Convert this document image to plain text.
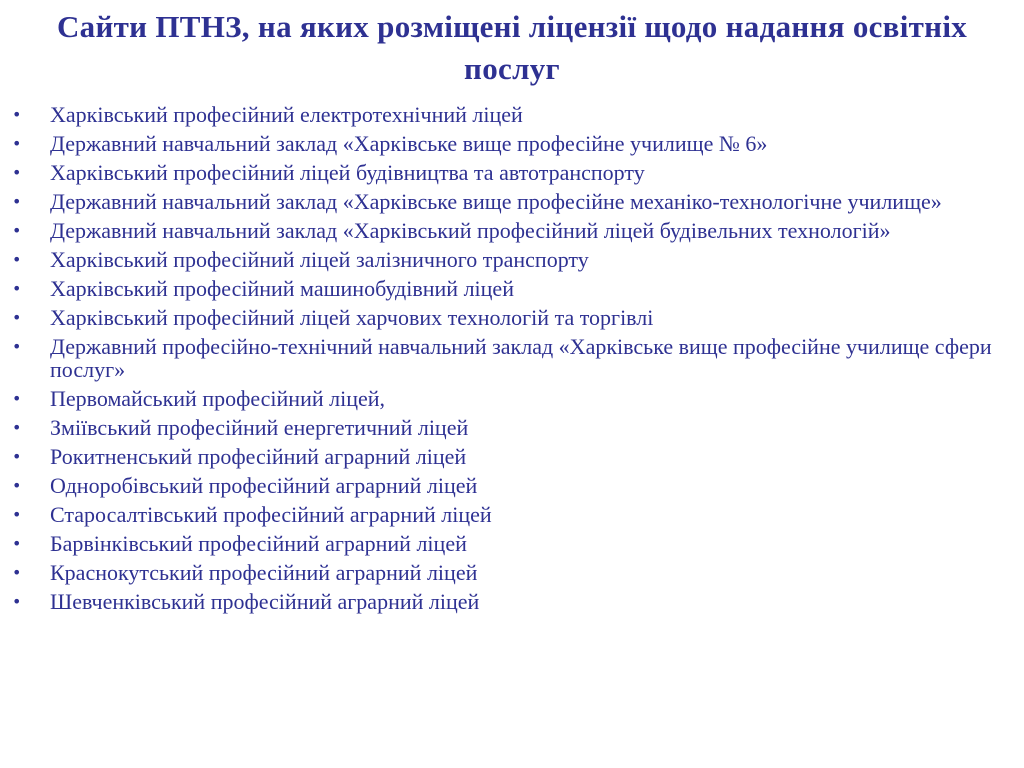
Сайти ПТНЗ, на яких розміщені ліцензії щодо надання освітніх послуг
• Харківський професійний електротехнічний ліцей
• Державний навчальний заклад «Харківське вище професійне училище № 6»
• Харківський професійний ліцей будівництва та автотранспорту
• Державний навчальний заклад «Харківське вище професійне механіко-технологічне училище»
• Державний навчальний заклад «Харківський професійний ліцей будівельних технологій»
• Харківський професійний ліцей залізничного транспорту
• Харківський професійний машинобудівний ліцей
• Харківський професійний ліцей харчових технологій та торгівлі
• Державний професійно-технічний навчальний заклад «Харківське вище професійне училище сфери послуг»
• Первомайський професійний ліцей,
• Зміївський професійний енергетичний ліцей
• Рокитненський професійний аграрний ліцей
• Одноробівський професійний аграрний ліцей
• Старосалтівський професійний аграрний ліцей
• Барвінківський професійний аграрний ліцей
• Краснокутський професійний аграрний ліцей
• Шевченківський професійний аграрний ліцей
